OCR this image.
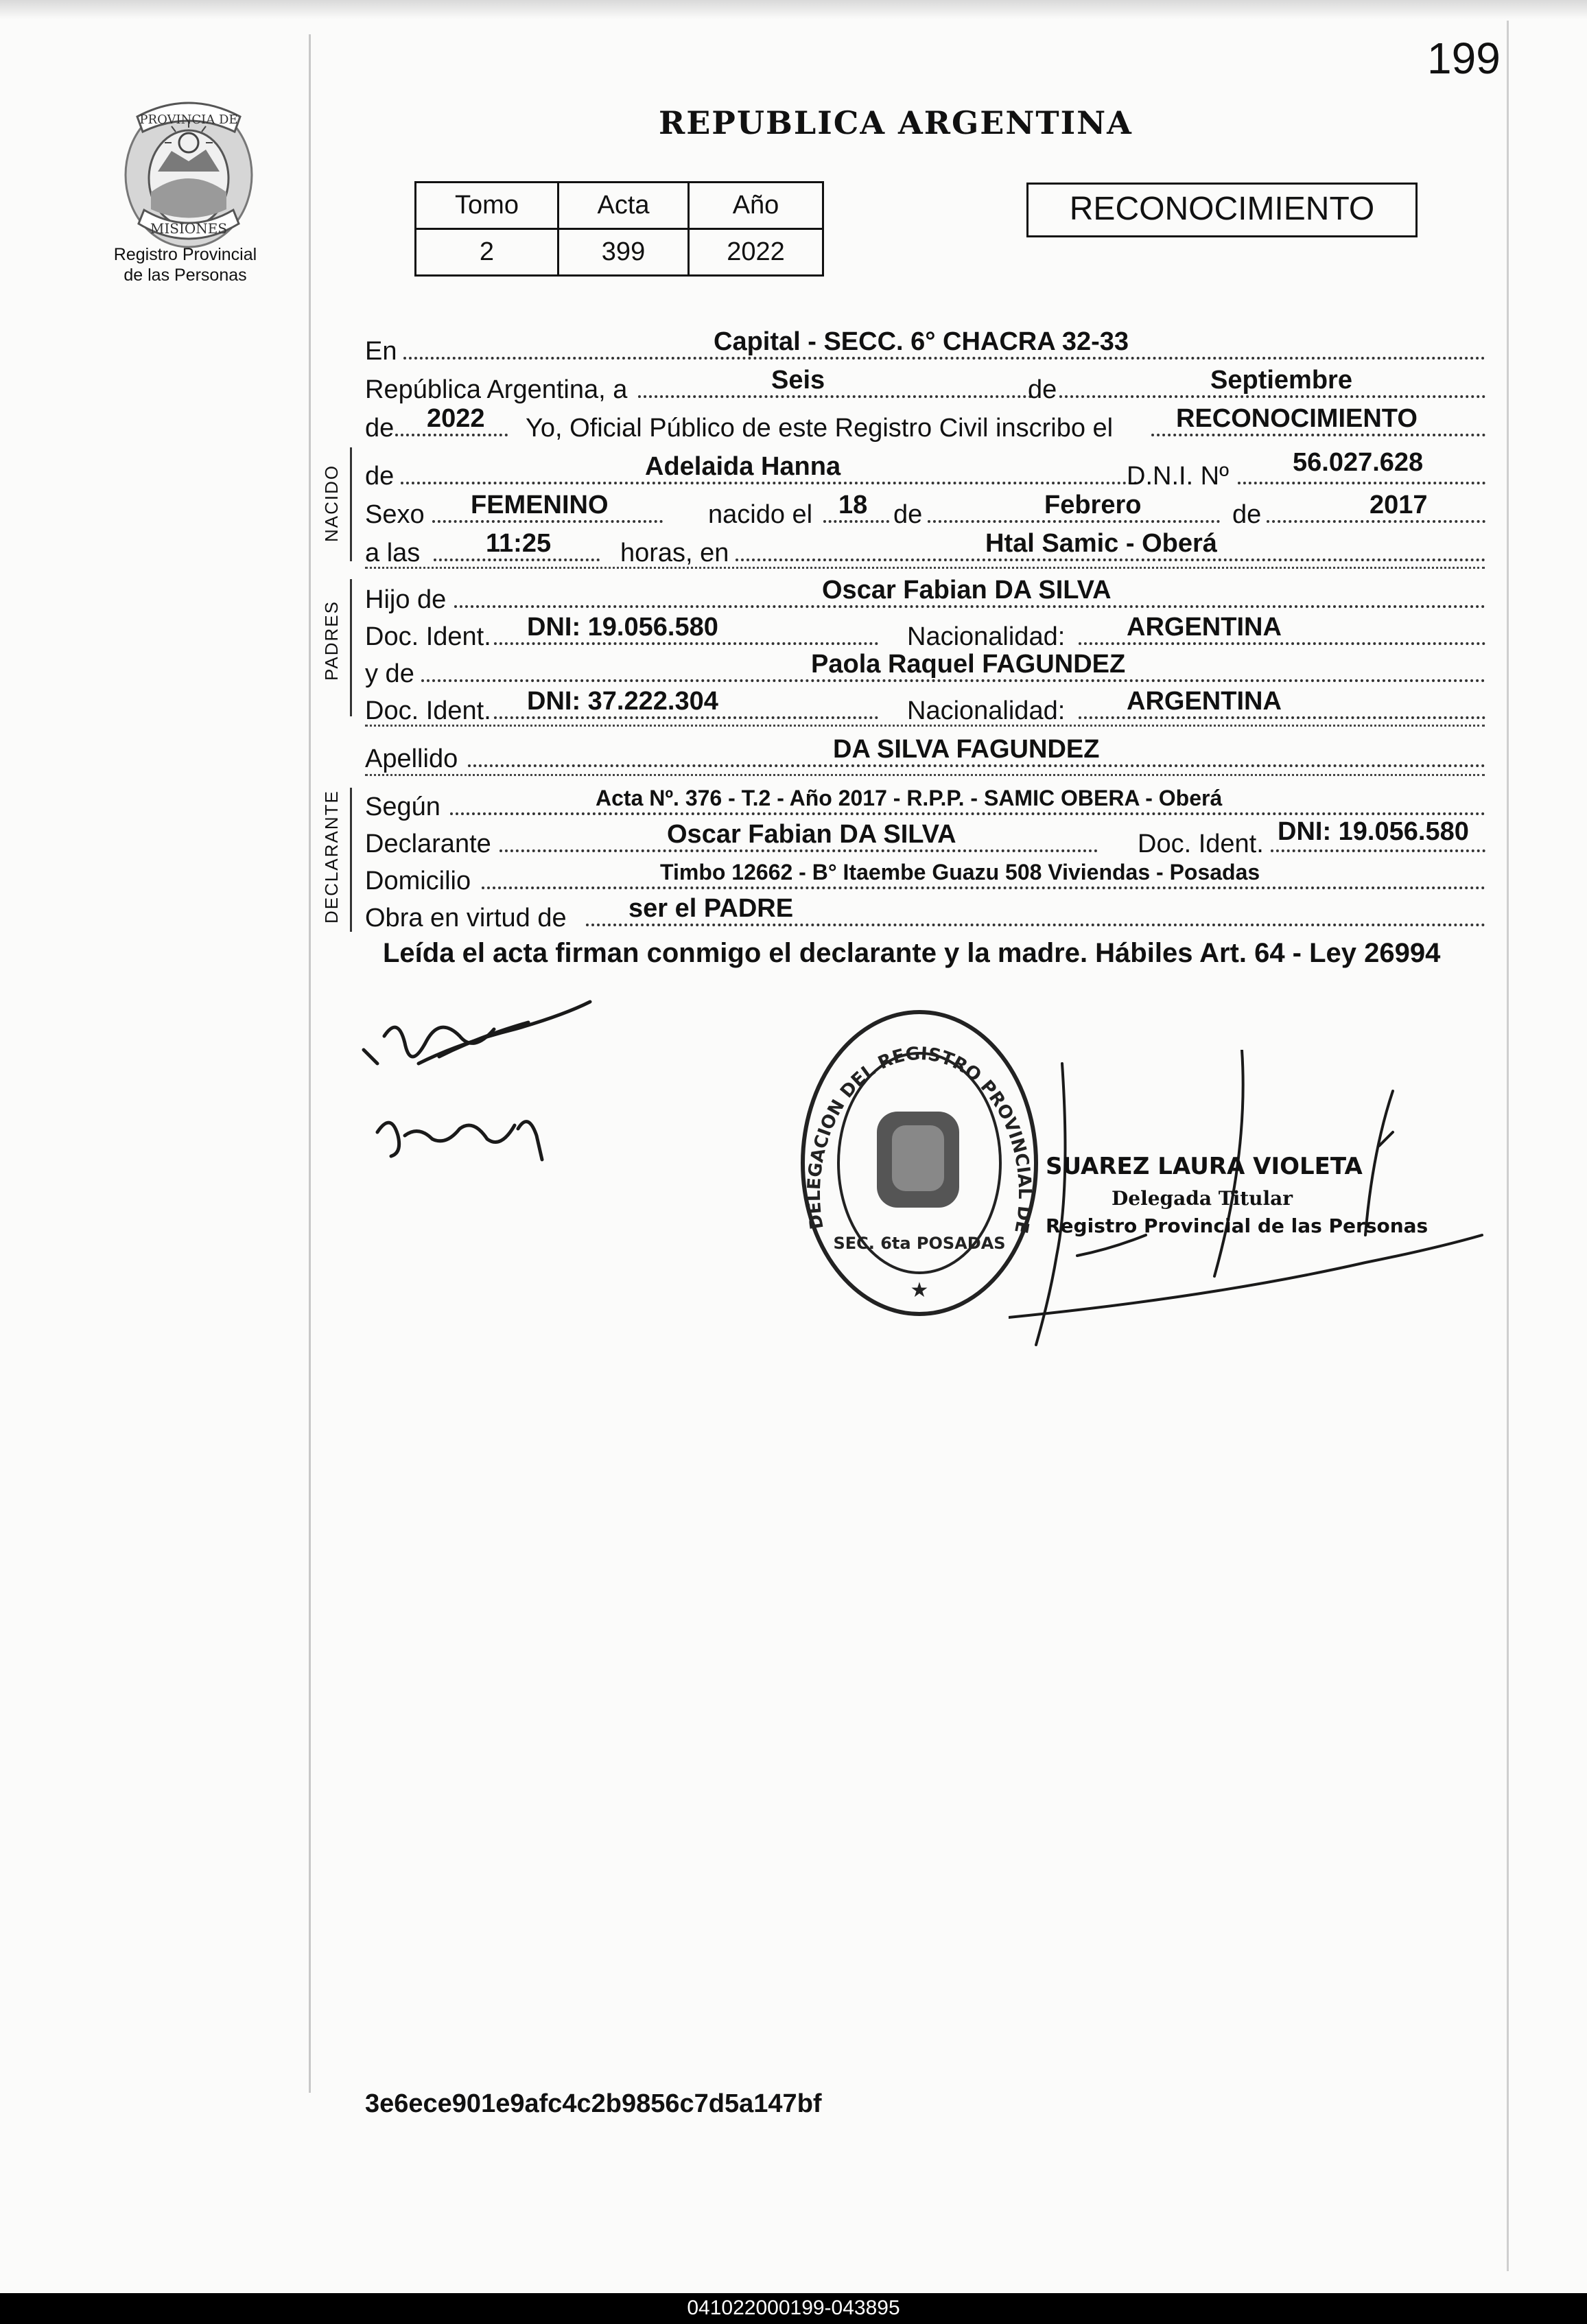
199
PROVINCIA DE
MISIONES
Registro Provincial
de las Personas
REPUBLICA ARGENTINA
Tomo	Acta	Año
2	399	2022
RECONOCIMIENTO
En	Capital - SECC. 6° CHACRA 32-33
República Argentina, a	Seis	de	Septiembre
de 2022 Yo, Oficial Público de este Registro Civil inscribo el RECONOCIMIENTO
NACIDO de	Adelaida Hanna	D.N.I. Nº 56.027.628
Sexo FEMENINO	nacido el 18 de	Febrero	de	2017
a las	11:25	horas, en	Htal Samic - Oberá
PADRES
Hijo de	Oscar Fabian DA SILVA
Doc. Ident. DNI: 19.056.580	Nacionalidad: ARGENTINA
y de	Paola Raquel FAGUNDEZ
Doc. Ident. DNI: 37.222.304	Nacionalidad: ARGENTINA
Apellido	DA SILVA FAGUNDEZ
DECLARANTE Según	Acta Nº. 376 - T.2 - Año 2017 - R.P.P. - SAMIC OBERA - Oberá
Declarante	Oscar Fabian DA SILVA	Doc. Ident. DNI: 19.056.580
Domicilio	Timbo 12662 - B° Itaembe Guazu 508 Viviendas - Posadas
Obra en virtud de ser el PADRE
Leída el acta firman conmigo el declarante y la madre. Hábiles Art. 64 - Ley 26994
DELEGACION DEL REGISTRO PROVINCIAL DE
SEC. 6ta POSADAS
★
SUAREZ LAURA VIOLETA
Delegada Titular
Registro Provincial de las Personas
3e6ece901e9afc4c2b9856c7d5a147bf
041022000199-043895
